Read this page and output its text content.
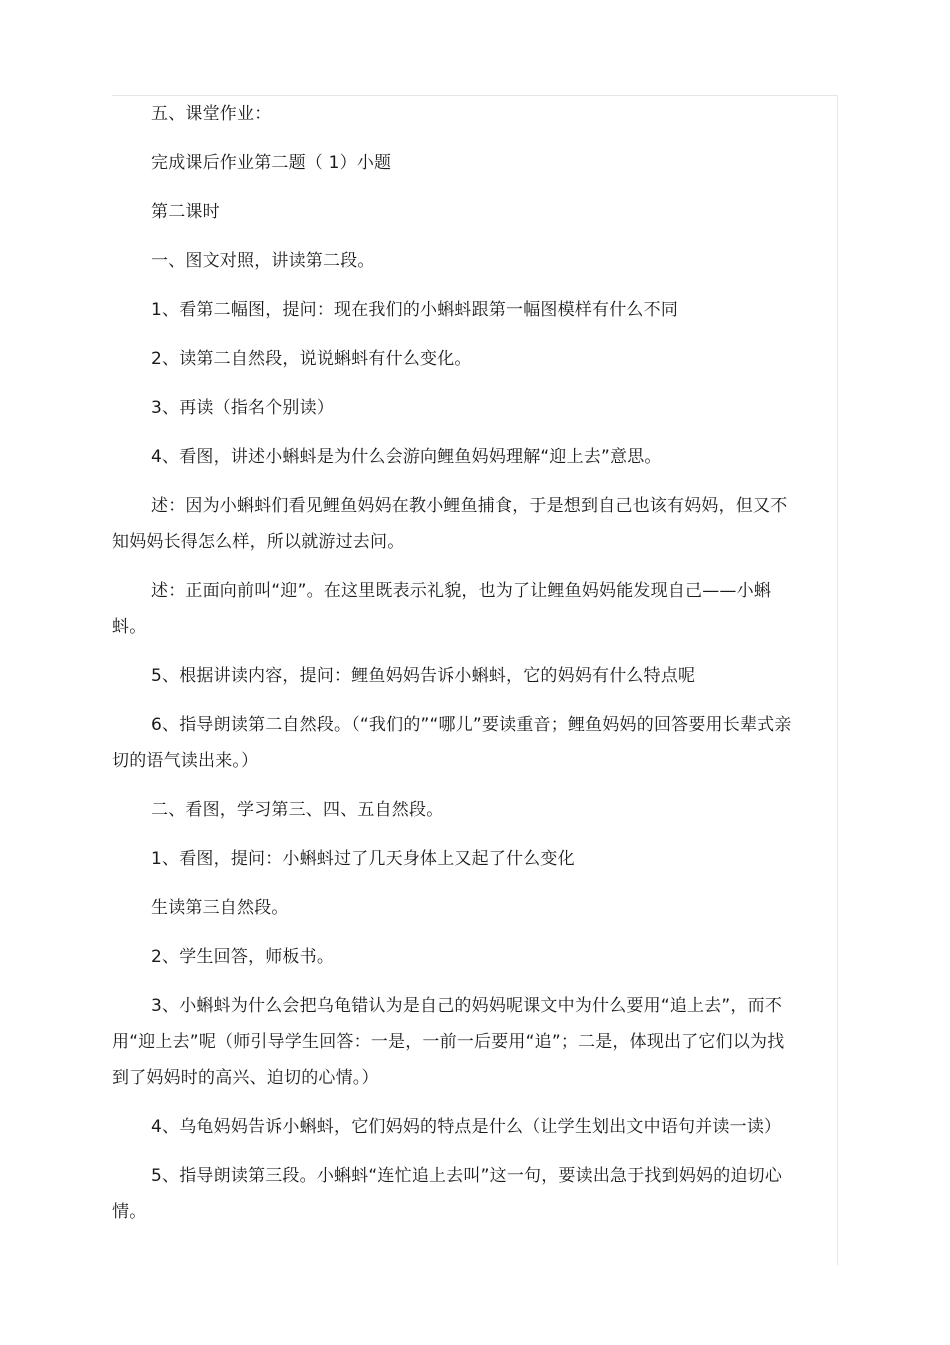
五、课堂作业：

完成课后作业第二题（ 1）小题

第二课时

一、图文对照，讲读第二段。

1、看第二幅图，提问：现在我们的小蝌蚪跟第一幅图模样有什么不同

2、读第二自然段，说说蝌蚪有什么变化。

3、再读（指名个别读）

4、看图，讲述小蝌蚪是为什么会游向鲤鱼妈妈理解“迎上去”意思。

述：因为小蝌蚪们看见鲤鱼妈妈在教小鲤鱼捕食，于是想到自己也该有妈妈，但又不知妈妈长得怎么样，所以就游过去问。

述：正面向前叫“迎”。在这里既表示礼貌，也为了让鲤鱼妈妈能发现自己——小蝌蚪。

5、根据讲读内容，提问：鲤鱼妈妈告诉小蝌蚪，它的妈妈有什么特点呢

6、指导朗读第二自然段。（“我们的”“哪儿”要读重音；鲤鱼妈妈的回答要用长辈式亲切的语气读出来。）

二、看图，学习第三、四、五自然段。

1、看图，提问：小蝌蚪过了几天身体上又起了什么变化

生读第三自然段。

2、学生回答，师板书。

3、小蝌蚪为什么会把乌龟错认为是自己的妈妈呢课文中为什么要用“追上去”，而不用“迎上去”呢（师引导学生回答：一是，一前一后要用“追”；二是，体现出了它们以为找到了妈妈时的高兴、迫切的心情。）

4、乌龟妈妈告诉小蝌蚪，它们妈妈的特点是什么（让学生划出文中语句并读一读）

5、指导朗读第三段。小蝌蚪“连忙追上去叫”这一句，要读出急于找到妈妈的迫切心情。
